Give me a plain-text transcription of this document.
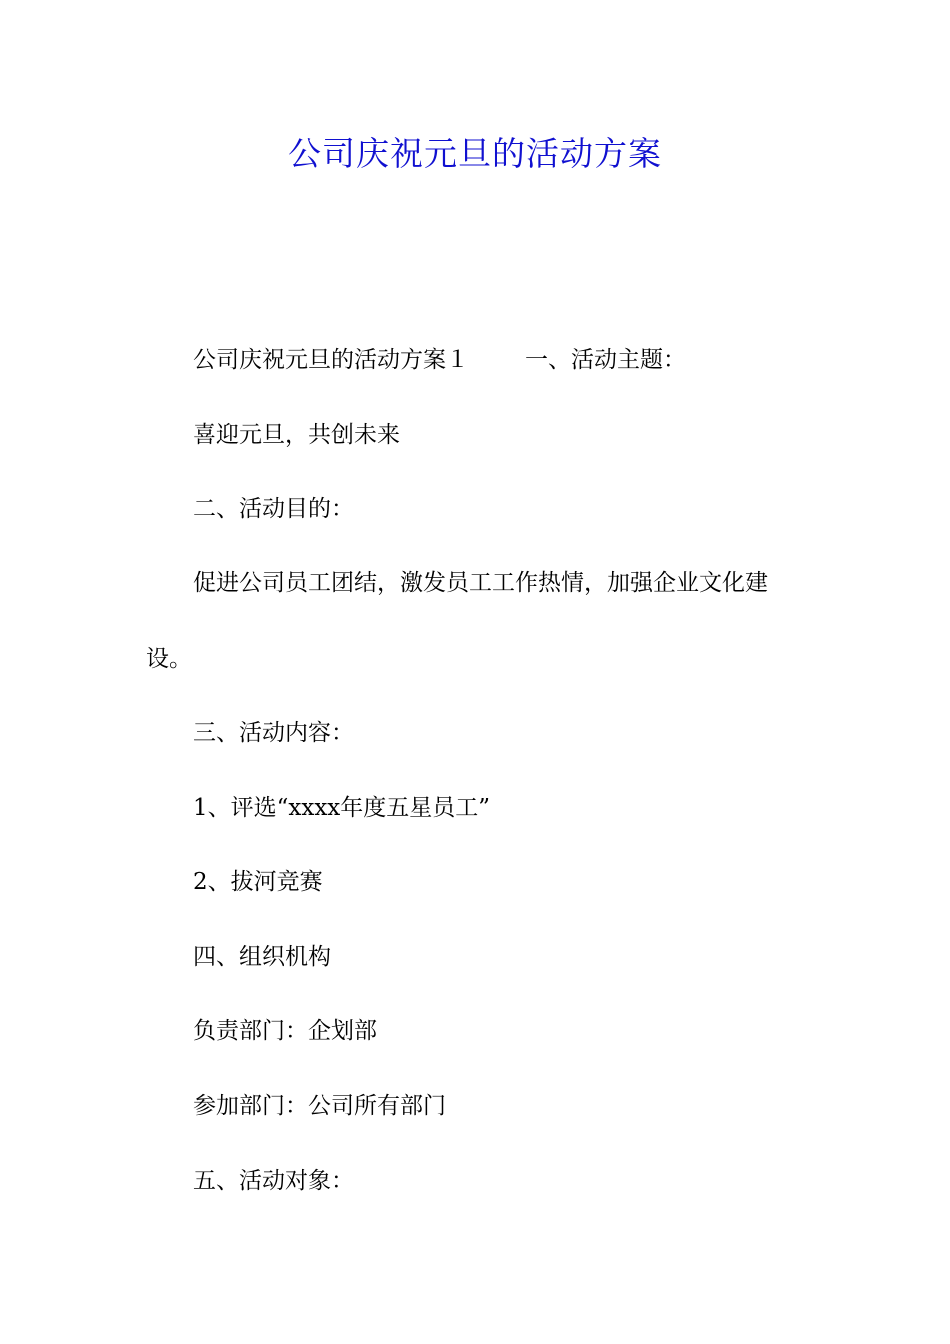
公司庆祝元旦的活动方案

公司庆祝元旦的活动方案１ 一、活动主题：

喜迎元旦，共创未来

二、活动目的：

促进公司员工团结，激发员工工作热情，加强企业文化建

设。

三、活动内容：

1、评选“xxxx年度五星员工”

2、拔河竞赛

四、组织机构

负责部门：企划部

参加部门：公司所有部门

五、活动对象：
